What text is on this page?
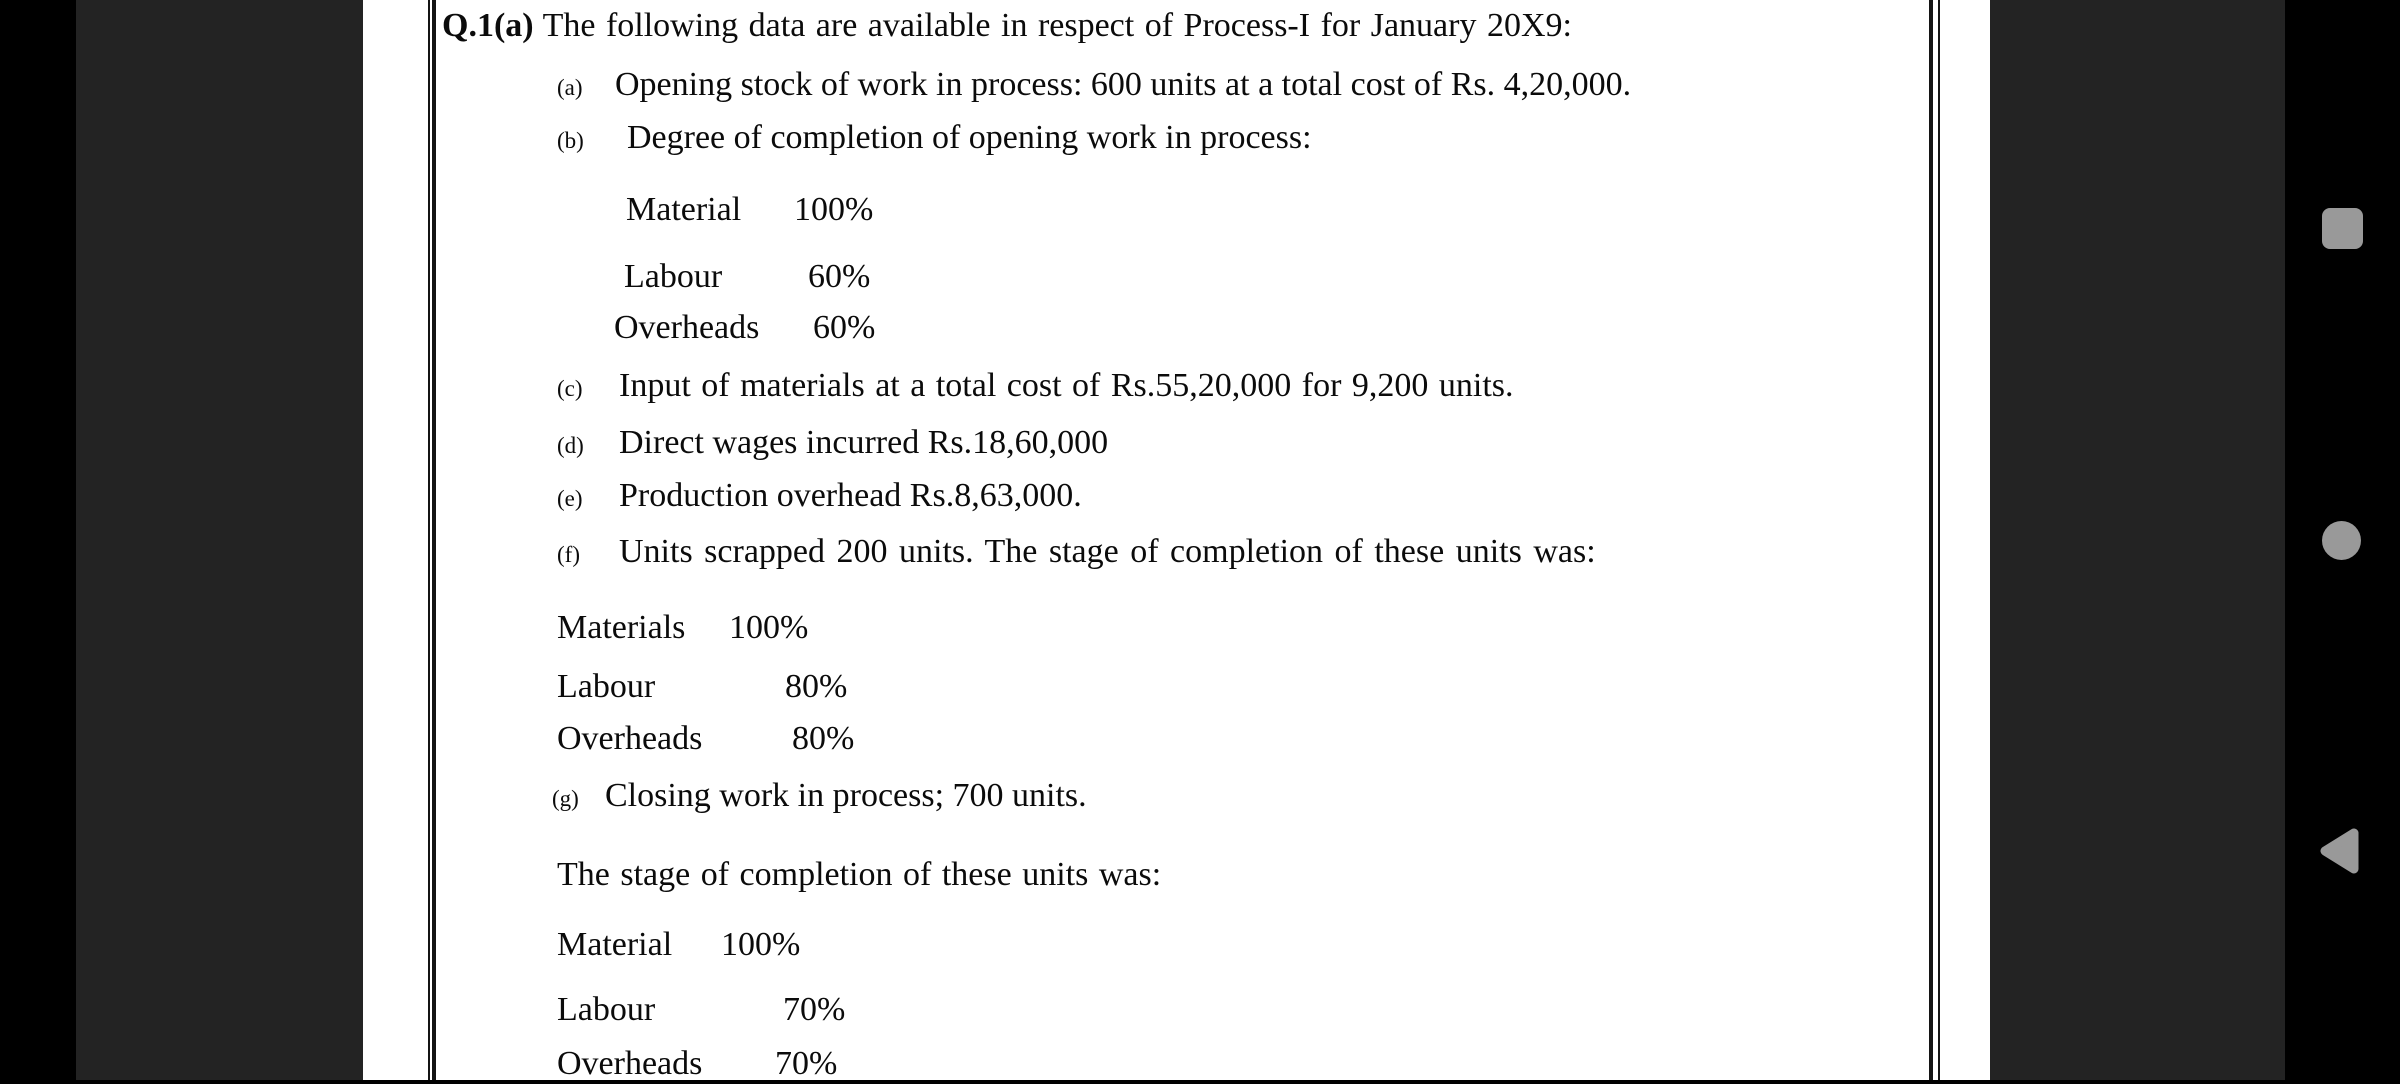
Q.1(a) The following data are available in respect of Process-I for January 20X9:
(a) Opening stock of work in process: 600 units at a total cost of Rs. 4,20,000.
(b) Degree of completion of opening work in process:
Material 100%
Labour	60%
Overheads 60%
(c) Input of materials at a total cost of Rs.55,20,000 for 9,200 units.
(d) Direct wages incurred Rs.18,60,000
(e) Production overhead Rs.8,63,000.
(f) Units scrapped 200 units. The stage of completion of these units was:
Materials 100%
Labour	80%
Overheads	80%
(g) Closing work in process; 700 units.
The stage of completion of these units was:
Material 100%
Labour	70%
Overheads 70%
